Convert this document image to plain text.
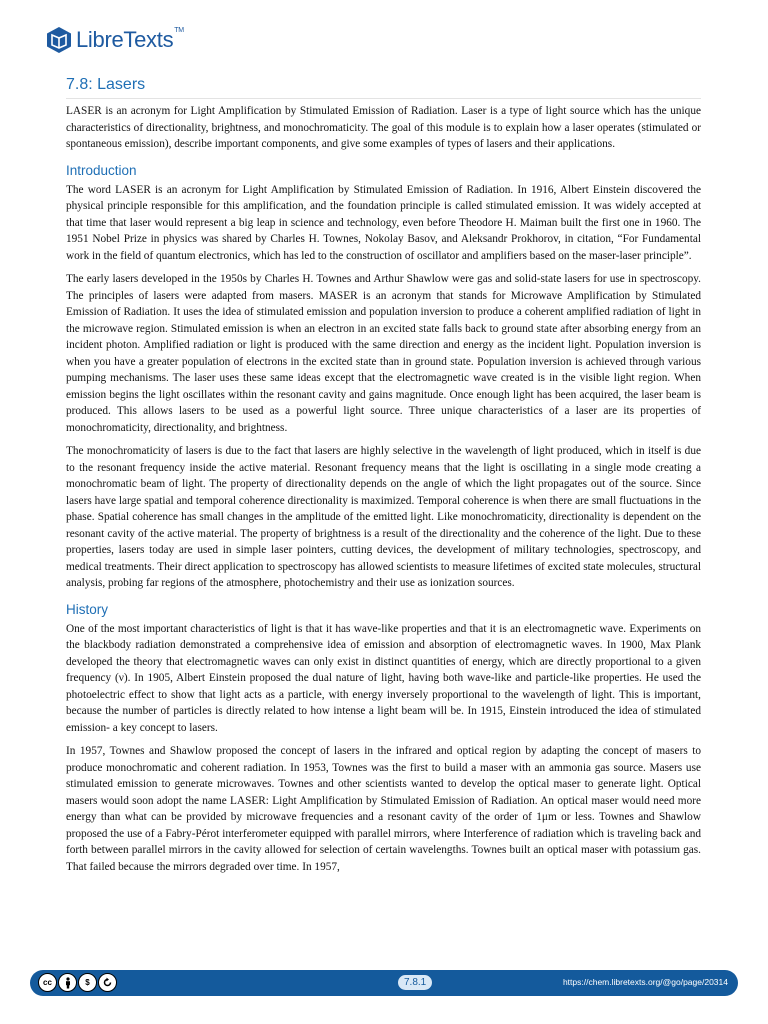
LibreTexts™
7.8: Lasers

LASER is an acronym for Light Amplification by Stimulated Emission of Radiation. Laser is a type of light source which has the unique characteristics of directionality, brightness, and monochromaticity. The goal of this module is to explain how a laser operates (stimulated or spontaneous emission), describe important components, and give some examples of types of lasers and their applications.

Introduction

The word LASER is an acronym for Light Amplification by Stimulated Emission of Radiation. In 1916, Albert Einstein discovered the physical principle responsible for this amplification, and the foundation principle is called stimulated emission. It was widely accepted at that time that laser would represent a big leap in science and technology, even before Theodore H. Maiman built the first one in 1960. The 1951 Nobel Prize in physics was shared by Charles H. Townes, Nokolay Basov, and Aleksandr Prokhorov, in citation, “For Fundamental work in the field of quantum electronics, which has led to the construction of oscillator and amplifiers based on the maser-laser principle”.

The early lasers developed in the 1950s by Charles H. Townes and Arthur Shawlow were gas and solid-state lasers for use in spectroscopy. The principles of lasers were adapted from masers. MASER is an acronym that stands for Microwave Amplification by Stimulated Emission of Radiation. It uses the idea of stimulated emission and population inversion to produce a coherent amplified radiation of light in the microwave region. Stimulated emission is when an electron in an excited state falls back to ground state after absorbing energy from an incident photon. Amplified radiation or light is produced with the same direction and energy as the incident light. Population inversion is when you have a greater population of electrons in the excited state than in ground state. Population inversion is achieved through various pumping mechanisms. The laser uses these same ideas except that the electromagnetic wave created is in the visible light region. When emission begins the light oscillates within the resonant cavity and gains magnitude. Once enough light has been acquired, the laser beam is produced. This allows lasers to be used as a powerful light source. Three unique characteristics of a laser are its properties of monochromaticity, directionality, and brightness.

The monochromaticity of lasers is due to the fact that lasers are highly selective in the wavelength of light produced, which in itself is due to the resonant frequency inside the active material. Resonant frequency means that the light is oscillating in a single mode creating a monochromatic beam of light. The property of directionality depends on the angle of which the light propagates out of the source. Since lasers have large spatial and temporal coherence directionality is maximized. Temporal coherence is when there are small fluctuations in the phase. Spatial coherence has small changes in the amplitude of the emitted light. Like monochromaticity, directionality is dependent on the resonant cavity of the active material. The property of brightness is a result of the directionality and the coherence of the light. Due to these properties, lasers today are used in simple laser pointers, cutting devices, the development of military technologies, spectroscopy, and medical treatments. Their direct application to spectroscopy has allowed scientists to measure lifetimes of excited state molecules, structural analysis, probing far regions of the atmosphere, photochemistry and their use as ionization sources.

History

One of the most important characteristics of light is that it has wave-like properties and that it is an electromagnetic wave. Experiments on the blackbody radiation demonstrated a comprehensive idea of emission and absorption of electromagnetic waves. In 1900, Max Plank developed the theory that electromagnetic waves can only exist in distinct quantities of energy, which are directly proportional to a given frequency (ν). In 1905, Albert Einstein proposed the dual nature of light, having both wave-like and particle-like properties. He used the photoelectric effect to show that light acts as a particle, with energy inversely proportional to the wavelength of light. This is important, because the number of particles is directly related to how intense a light beam will be. In 1915, Einstein introduced the idea of stimulated emission- a key concept to lasers.

In 1957, Townes and Shawlow proposed the concept of lasers in the infrared and optical region by adapting the concept of masers to produce monochromatic and coherent radiation. In 1953, Townes was the first to build a maser with an ammonia gas source. Masers use stimulated emission to generate microwaves. Townes and other scientists wanted to develop the optical maser to generate light. Optical masers would soon adopt the name LASER: Light Amplification by Stimulated Emission of Radiation. An optical maser would need more energy than what can be provided by microwave frequencies and a resonant cavity of the order of 1μm or less. Townes and Shawlow proposed the use of a Fabry-Pérot interferometer equipped with parallel mirrors, where Interference of radiation which is traveling back and forth between parallel mirrors in the cavity allowed for selection of certain wavelengths. Townes built an optical maser with potassium gas. That failed because the mirrors degraded over time. In 1957,

cc	$	7.8.1	https://chem.libretexts.org/@go/page/20314
